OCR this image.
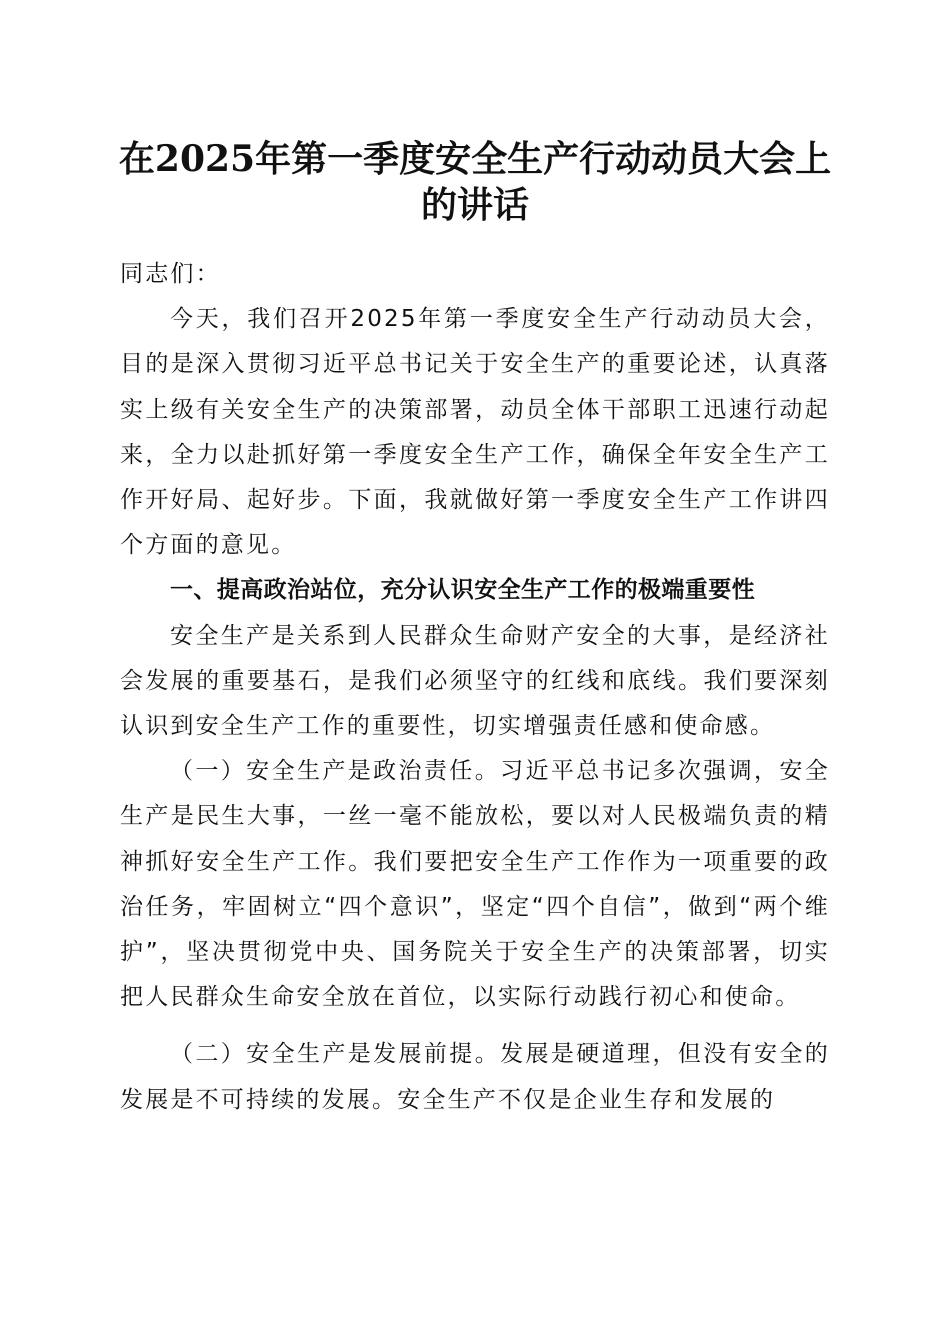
在2025年第一季度安全生产行动动员大会上
的讲话

同志们：

今天，我们召开2025年第一季度安全生产行动动员大会，目的是深入贯彻习近平总书记关于安全生产的重要论述，认真落实上级有关安全生产的决策部署，动员全体干部职工迅速行动起来，全力以赴抓好第一季度安全生产工作，确保全年安全生产工作开好局、起好步。下面，我就做好第一季度安全生产工作讲四个方面的意见。

一、提高政治站位，充分认识安全生产工作的极端重要性

安全生产是关系到人民群众生命财产安全的大事，是经济社会发展的重要基石，是我们必须坚守的红线和底线。我们要深刻认识到安全生产工作的重要性，切实增强责任感和使命感。

（一）安全生产是政治责任。习近平总书记多次强调，安全生产是民生大事，一丝一毫不能放松，要以对人民极端负责的精神抓好安全生产工作。我们要把安全生产工作作为一项重要的政治任务，牢固树立“四个意识”，坚定“四个自信”，做到“两个维护”，坚决贯彻党中央、国务院关于安全生产的决策部署，切实把人民群众生命安全放在首位，以实际行动践行初心和使命。

（二）安全生产是发展前提。发展是硬道理，但没有安全的发展是不可持续的发展。安全生产不仅是企业生存和发展的
